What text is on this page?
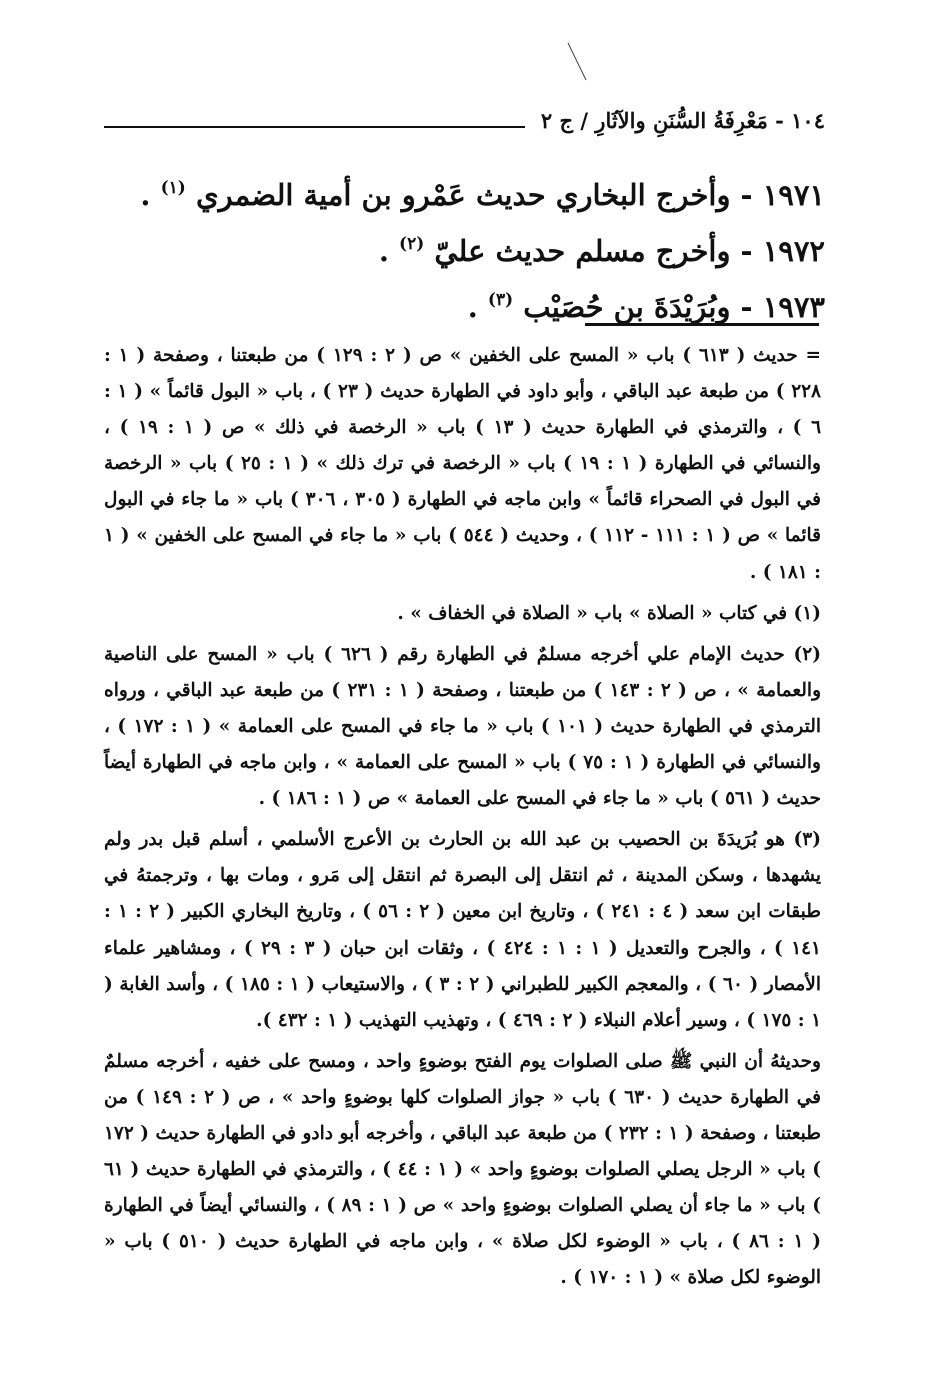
١٠٤ - مَعْرِفَةُ السُّنَنِ والآثَارِ / ج ٢
١٩٧١ - وأخرج البخاري حديث عَمْرو بن أمية الضمري $^{(١)}$ .
١٩٧٢ - وأخرج مسلم حديث عليّ $^{(٢)}$ .
١٩٧٣ - وبُرَيْدَةَ بن حُصَيْب $^{(٣)}$ .

= حديث ( ٦١٣ ) باب « المسح على الخفين » ص ( ٢ : ١٢٩ ) من طبعتنا ، وصفحة ( ١ : ٢٢٨ ) من طبعة عبد الباقي ، وأبو داود في الطهارة حديث ( ٢٣ ) ، باب « البول قائماً » ( ١ : ٦ ) ، والترمذي في الطهارة حديث ( ١٣ ) باب « الرخصة في ذلك » ص ( ١ : ١٩ ) ، والنسائي في الطهارة ( ١ : ١٩ ) باب « الرخصة في ترك ذلك » ( ١ : ٢٥ ) باب « الرخصة في البول في الصحراء قائماً » وابن ماجه في الطهارة ( ٣٠٥ ، ٣٠٦ ) باب « ما جاء في البول قائما » ص ( ١ : ١١١ - ١١٢ ) ، وحديث ( ٥٤٤ ) باب « ما جاء في المسح على الخفين » ( ١ : ١٨١ ) .

(١) في كتاب « الصلاة » باب « الصلاة في الخفاف » .

(٢) حديث الإمام علي أخرجه مسلمٌ في الطهارة رقم ( ٦٢٦ ) باب « المسح على الناصية والعمامة » ، ص ( ٢ : ١٤٣ ) من طبعتنا ، وصفحة ( ١ : ٢٣١ ) من طبعة عبد الباقي ، ورواه الترمذي في الطهارة حديث ( ١٠١ ) باب « ما جاء في المسح على العمامة » ( ١ : ١٧٢ ) ، والنسائي في الطهارة ( ١ : ٧٥ ) باب « المسح على العمامة » ، وابن ماجه في الطهارة أيضاً حديث ( ٥٦١ ) باب « ما جاء في المسح على العمامة » ص ( ١ : ١٨٦ ) .

(٣) هو بُرَيدَةَ بن الحصيب بن عبد الله بن الحارث بن الأعرج الأسلمي ، أسلم قبل بدر ولم يشهدها ، وسكن المدينة ، ثم انتقل إلى البصرة ثم انتقل إلى مَرو ، ومات بها ، وترجمتهُ في طبقات ابن سعد ( ٤ : ٢٤١ ) ، وتاريخ ابن معين ( ٢ : ٥٦ ) ، وتاريخ البخاري الكبير ( ٢ : ١ : ١٤١ ) ، والجرح والتعديل ( ١ : ١ : ٤٢٤ ) ، وثقات ابن حبان ( ٣ : ٢٩ ) ، ومشاهير علماء الأمصار ( ٦٠ ) ، والمعجم الكبير للطبراني ( ٢ : ٣ ) ، والاستيعاب ( ١ : ١٨٥ ) ، وأسد الغابة ( ١ : ١٧٥ ) ، وسير أعلام النبلاء ( ٢ : ٤٦٩ ) ، وتهذيب التهذيب ( ١ : ٤٣٢ ).

وحديثهُ أن النبي ﷺ صلى الصلوات يوم الفتح بوضوءٍ واحد ، ومسح على خفيه ، أخرجه مسلمٌ في الطهارة حديث ( ٦٣٠ ) باب « جواز الصلوات كلها بوضوءٍ واحد » ، ص ( ٢ : ١٤٩ ) من طبعتنا ، وصفحة ( ١ : ٢٣٢ ) من طبعة عبد الباقي ، وأخرجه أبو دادو في الطهارة حديث ( ١٧٢ ) باب « الرجل يصلي الصلوات بوضوءٍ واحد » ( ١ : ٤٤ ) ، والترمذي في الطهارة حديث ( ٦١ ) باب « ما جاء أن يصلي الصلوات بوضوءٍ واحد » ص ( ١ : ٨٩ ) ، والنسائي أيضاً في الطهارة ( ١ : ٨٦ ) ، باب « الوضوء لكل صلاة » ، وابن ماجه في الطهارة حديث ( ٥١٠ ) باب « الوضوء لكل صلاة » ( ١ : ١٧٠ ) .
